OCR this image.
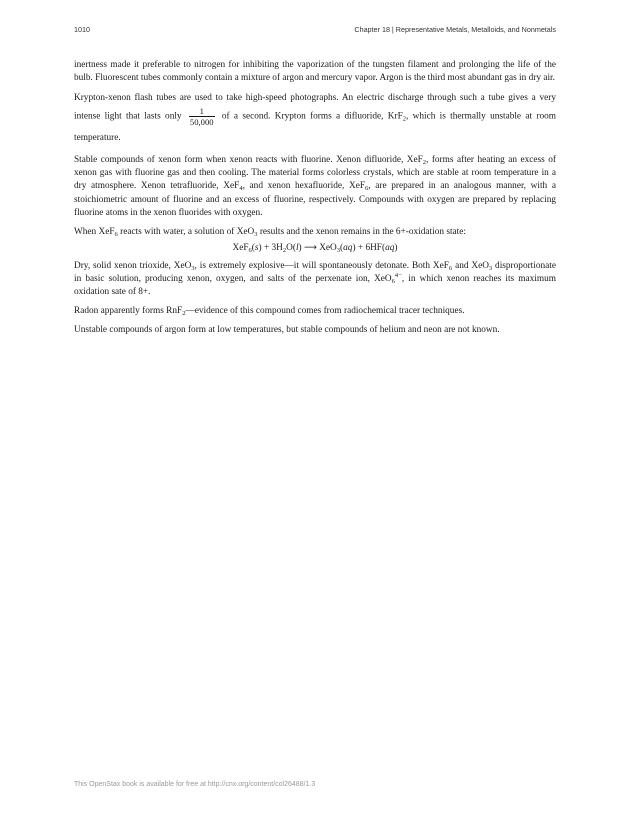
1010	Chapter 18 | Representative Metals, Metalloids, and Nonmetals

inertness made it preferable to nitrogen for inhibiting the vaporization of the tungsten filament and prolonging the life of the bulb. Fluorescent tubes commonly contain a mixture of argon and mercury vapor. Argon is the third most abundant gas in dry air.

Krypton-xenon flash tubes are used to take high-speed photographs. An electric discharge through such a tube gives a very intense light that lasts only $\frac{1}{50,000}$ of a second. Krypton forms a difluoride, KrF$_2$, which is thermally unstable at room temperature.

Stable compounds of xenon form when xenon reacts with fluorine. Xenon difluoride, XeF$_2$, forms after heating an excess of xenon gas with fluorine gas and then cooling. The material forms colorless crystals, which are stable at room temperature in a dry atmosphere. Xenon tetrafluoride, XeF$_4$, and xenon hexafluoride, XeF$_6$, are prepared in an analogous manner, with a stoichiometric amount of fluorine and an excess of fluorine, respectively. Compounds with oxygen are prepared by replacing fluorine atoms in the xenon fluorides with oxygen.

When XeF$_6$ reacts with water, a solution of XeO$_3$ results and the xenon remains in the 6+-oxidation state:

$XeF_6(s) + 3H_2O(l)$ ⟶ XeO$_3$(aq) + 6HF(aq)

Dry, solid xenon trioxide, XeO$_3$, is extremely explosive—it will spontaneously detonate. Both XeF$_6$ and XeO$_3$ disproportionate in basic solution, producing xenon, oxygen, and salts of the perxenate ion, XeO$_6^{4-}$, in which xenon reaches its maximum oxidation sate of 8+.

Radon apparently forms RnF$_2$—evidence of this compound comes from radiochemical tracer techniques.

Unstable compounds of argon form at low temperatures, but stable compounds of helium and neon are not known.

This OpenStax book is available for free at http://cnx.org/content/col26488/1.3
